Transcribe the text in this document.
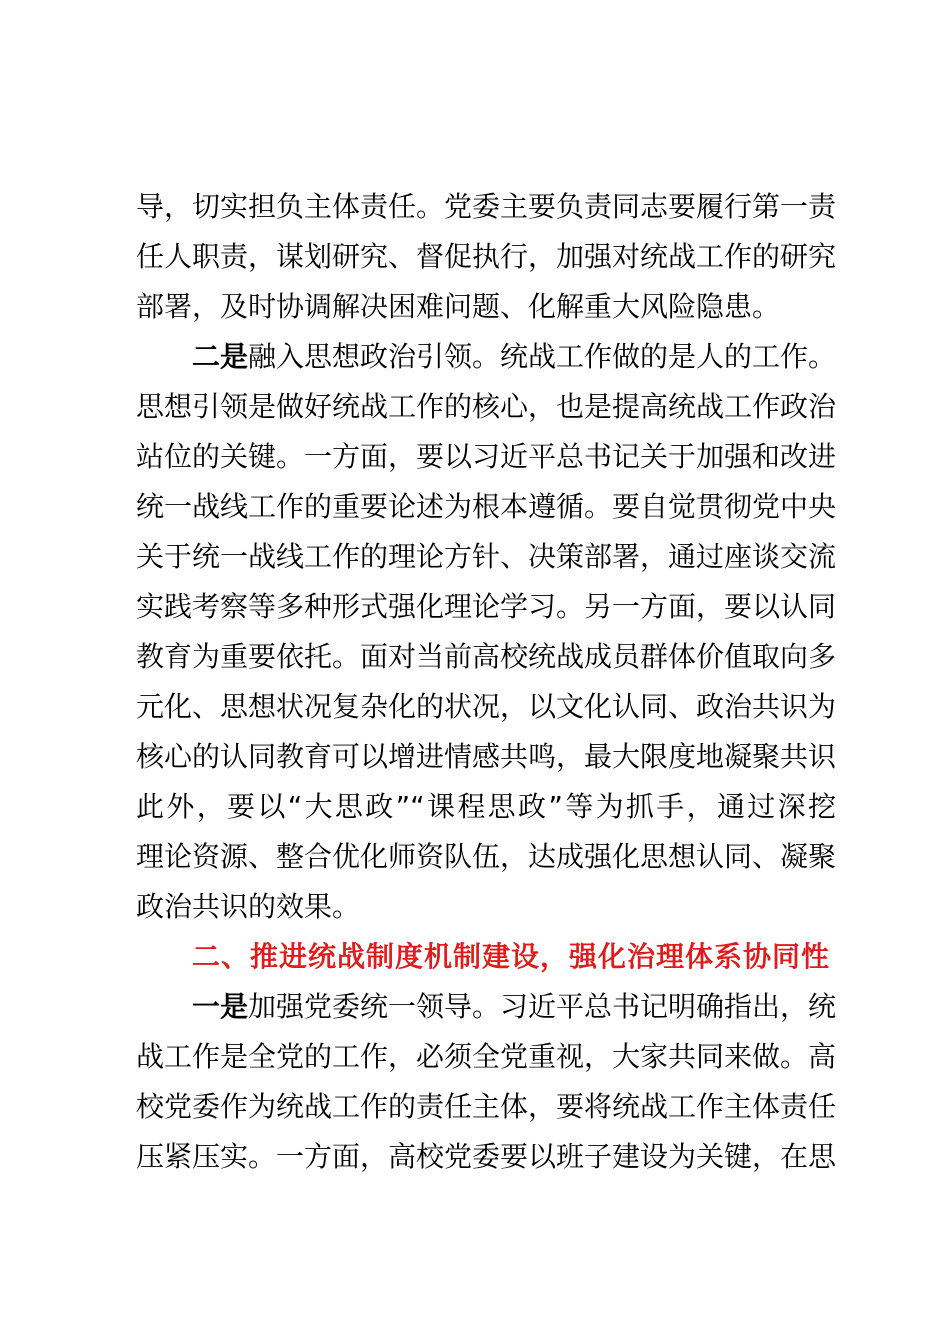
导，切实担负主体责任。党委主要负责同志要履行第一责
任人职责，谋划研究、督促执行，加强对统战工作的研究
部署，及时协调解决困难问题、化解重大风险隐患。
二是融入思想政治引领。统战工作做的是人的工作。
思想引领是做好统战工作的核心，也是提高统战工作政治
站位的关键。一方面，要以习近平总书记关于加强和改进
统一战线工作的重要论述为根本遵循。要自觉贯彻党中央
关于统一战线工作的理论方针、决策部署，通过座谈交流
实践考察等多种形式强化理论学习。另一方面，要以认同
教育为重要依托。面对当前高校统战成员群体价值取向多
元化、思想状况复杂化的状况，以文化认同、政治共识为
核心的认同教育可以增进情感共鸣，最大限度地凝聚共识
此外，要以“大思政”“课程思政”等为抓手，通过深挖
理论资源、整合优化师资队伍，达成强化思想认同、凝聚
政治共识的效果。
二、推进统战制度机制建设，强化治理体系协同性
一是加强党委统一领导。习近平总书记明确指出，统
战工作是全党的工作，必须全党重视，大家共同来做。高
校党委作为统战工作的责任主体，要将统战工作主体责任
压紧压实。一方面，高校党委要以班子建设为关键，在思
